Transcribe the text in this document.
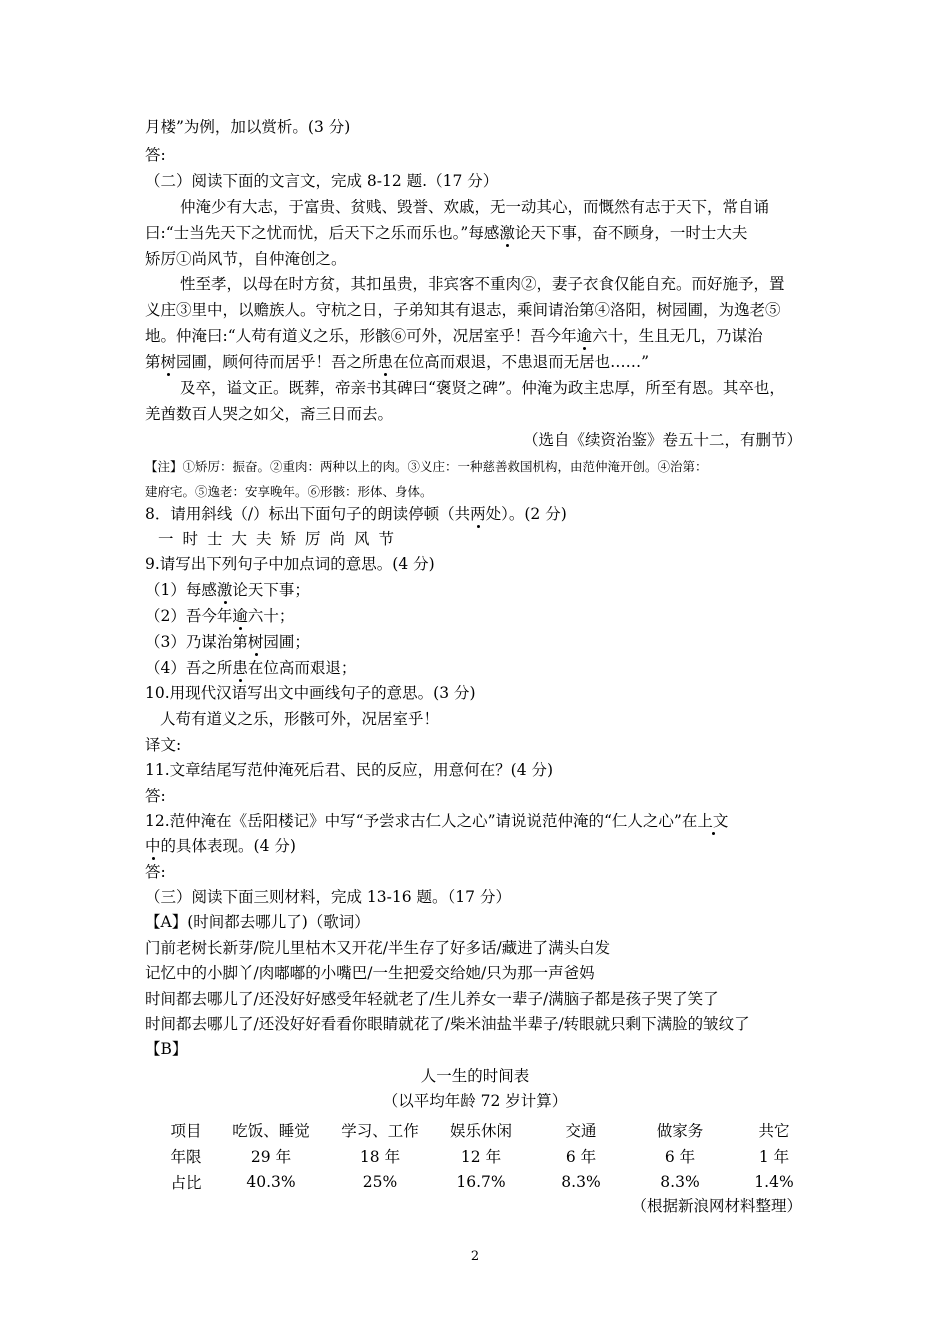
月楼”为例，加以赏析。(3 分)
答:
（二）阅读下面的文言文，完成 8-12 题.（17 分）
仲淹少有大志，于富贵、贫贱、毁誉、欢戚，无一动其心，而慨然有志于天下，常自诵
曰:“士当先天下之忧而忧，后天下之乐而乐也。”每感激论天下事，奋不顾身，一时士大夫
矫厉①尚风节，自仲淹创之。
性至孝，以母在时方贫，其扣虽贵，非宾客不重肉②，妻子衣食仅能自充。而好施予，置
义庄③里中，以赡族人。守杭之日，子弟知其有退志，乘间请治第④洛阳，树园圃，为逸老⑤
地。仲淹曰:“人苟有道义之乐，形骸⑥可外，况居室乎！吾今年逾六十，生且无几，乃谋治
第树园圃，顾何待而居乎！吾之所患在位高而艰退，不患退而无居也……”
及卒，谥文正。既葬，帝亲书其碑曰“褒贤之碑”。仲淹为政主忠厚，所至有恩。其卒也，
羌酋数百人哭之如父，斋三日而去。
（选自《续资治鉴》卷五十二，有删节）
【注】①矫厉：振奋。②重肉：两种以上的肉。③义庄：一种慈善救国机构，由范仲淹开创。④治第：
建府宅。⑤逸老：安享晚年。⑥形骸：形体、身体。
8．请用斜线（/）标出下面句子的朗读停顿（共两处）。(2 分)
一时士大夫矫厉尚风节
9.请写出下列句子中加点词的意思。(4 分)
（1）每感激论天下事；
（2）吾今年逾六十；
（3）乃谋治第树园圃；
（4）吾之所患在位高而艰退；
10.用现代汉语写出文中画线句子的意思。(3 分)
人苟有道义之乐，形骸可外，况居室乎！
译文:
11.文章结尾写范仲淹死后君、民的反应，用意何在？(4 分)
答:
12.范仲淹在《岳阳楼记》中写“予尝求古仁人之心”请说说范仲淹的“仁人之心”在上文
中的具体表现。(4 分)
答:
（三）阅读下面三则材料，完成 13-16 题。（17 分）
【A】(时间都去哪儿了)（歌词）
门前老树长新芽/院儿里枯木又开花/半生存了好多话/藏进了满头白发
记忆中的小脚丫/肉嘟嘟的小嘴巴/一生把爱交给她/只为那一声爸妈
时间都去哪儿了/还没好好感受年轻就老了/生儿养女一辈子/满脑子都是孩子哭了笑了
时间都去哪儿了/还没好好看看你眼睛就花了/柴米油盐半辈子/转眼就只剩下满脸的皱纹了
【B】
人一生的时间表
（以平均年龄 72 岁计算）
项目	吃饭、睡觉	学习、工作	娱乐休闲	交通	做家务	共它
年限	29 年	18 年	12 年	6 年	6 年	1 年
占比	40.3%	25%	16.7%	8.3%	8.3%	1.4%
（根据新浪网材料整理）
2
